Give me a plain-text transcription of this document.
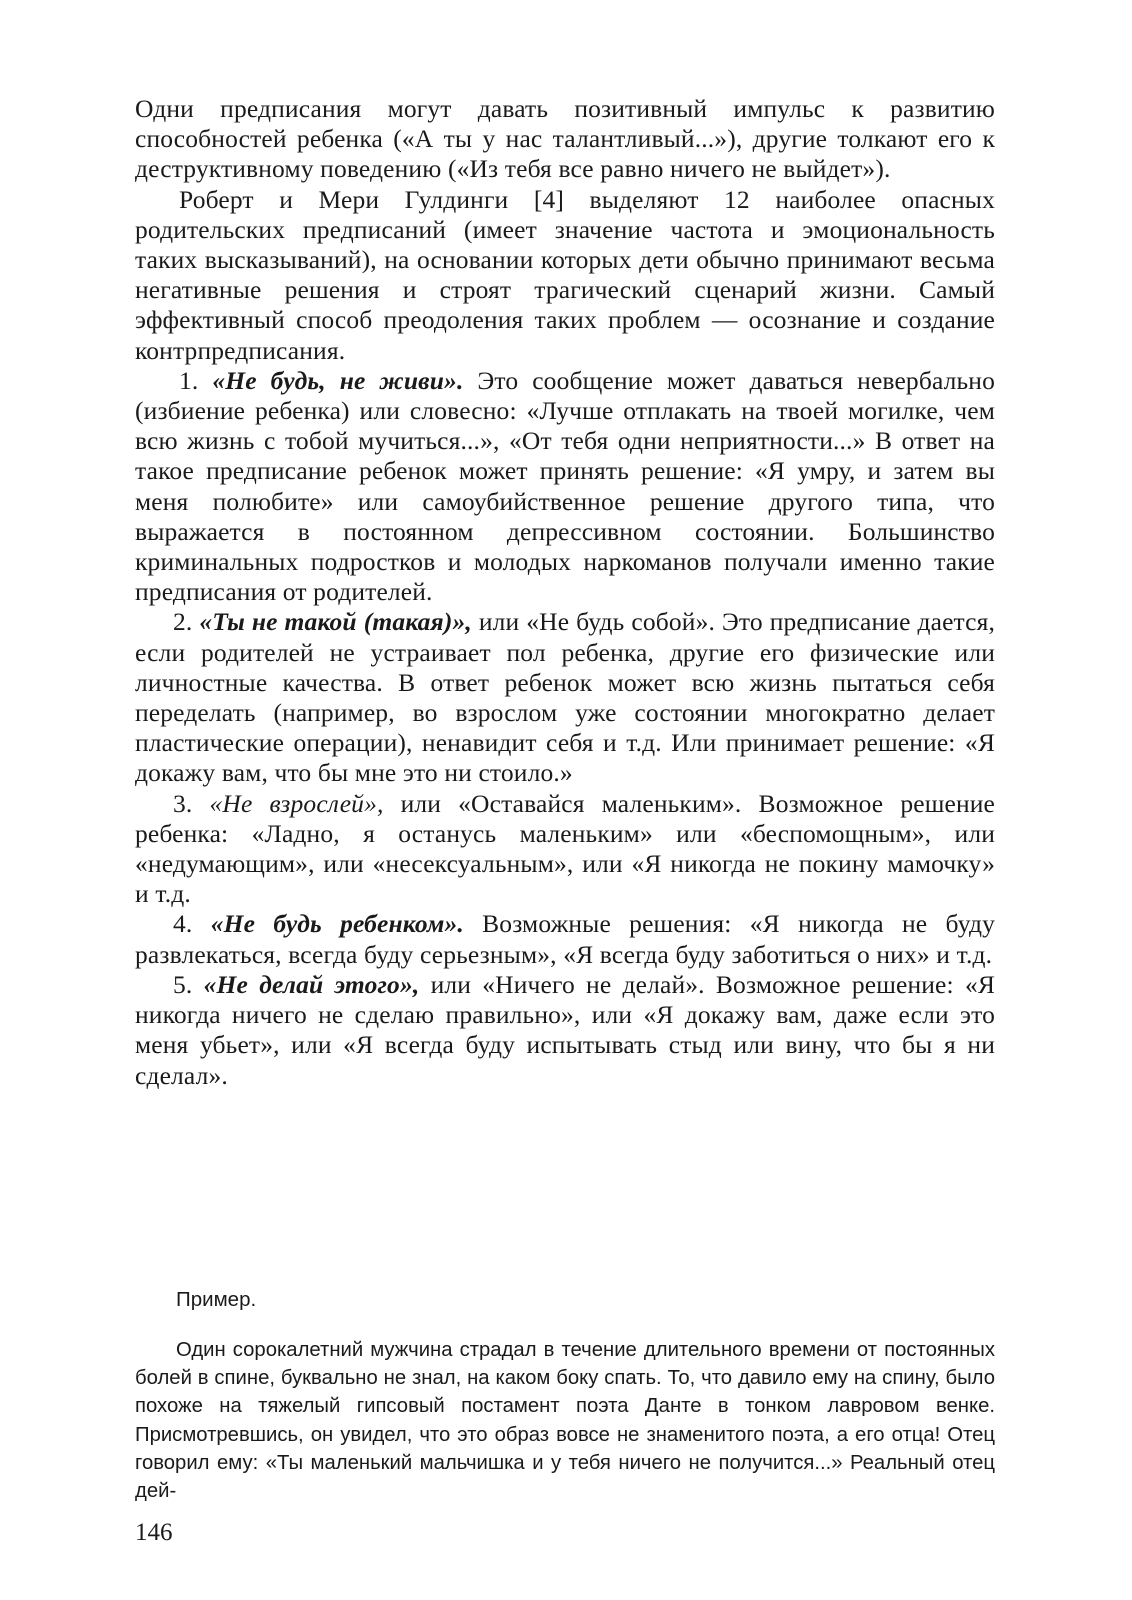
Одни предписания могут давать позитивный импульс к развитию способностей ребенка («А ты у нас талантливый...»), другие толкают его к деструктивному поведению («Из тебя все равно ничего не выйдет»).

Роберт и Мери Гулдинги [4] выделяют 12 наиболее опасных родительских предписаний (имеет значение частота и эмоциональность таких высказываний), на основании которых дети обычно принимают весьма негативные решения и строят трагический сценарий жизни. Самый эффективный способ преодоления таких проблем — осознание и создание контрпредписания.

1. «Не будь, не живи». Это сообщение может даваться невербально (избиение ребенка) или словесно: «Лучше отплакать на твоей могилке, чем всю жизнь с тобой мучиться...», «От тебя одни неприятности...» В ответ на такое предписание ребенок может принять решение: «Я умру, и затем вы меня полюбите» или самоубийственное решение другого типа, что выражается в постоянном депрессивном состоянии. Большинство криминальных подростков и молодых наркоманов получали именно такие предписания от родителей.

2. «Ты не такой (такая)», или «Не будь собой». Это предписание дается, если родителей не устраивает пол ребенка, другие его физические или личностные качества. В ответ ребенок может всю жизнь пытаться себя переделать (например, во взрослом уже состоянии многократно делает пластические операции), ненавидит себя и т.д. Или принимает решение: «Я докажу вам, что бы мне это ни стоило.»

3. «Не взрослей», или «Оставайся маленьким». Возможное решение ребенка: «Ладно, я останусь маленьким» или «беспомощным», или «недумающим», или «несексуальным», или «Я никогда не покину мамочку» и т.д.

4. «Не будь ребенком». Возможные решения: «Я никогда не буду развлекаться, всегда буду серьезным», «Я всегда буду заботиться о них» и т.д.

5. «Не делай этого», или «Ничего не делай». Возможное решение: «Я никогда ничего не сделаю правильно», или «Я докажу вам, даже если это меня убьет», или «Я всегда буду испытывать стыд или вину, что бы я ни сделал».

Пример.

Один сорокалетний мужчина страдал в течение длительного времени от постоянных болей в спине, буквально не знал, на каком боку спать. То, что давило ему на спину, было похоже на тяжелый гипсовый постамент поэта Данте в тонком лавровом венке. Присмотревшись, он увидел, что это образ вовсе не знаменитого поэта, а его отца! Отец говорил ему: «Ты маленький мальчишка и у тебя ничего не получится...» Реальный отец дей-

146
